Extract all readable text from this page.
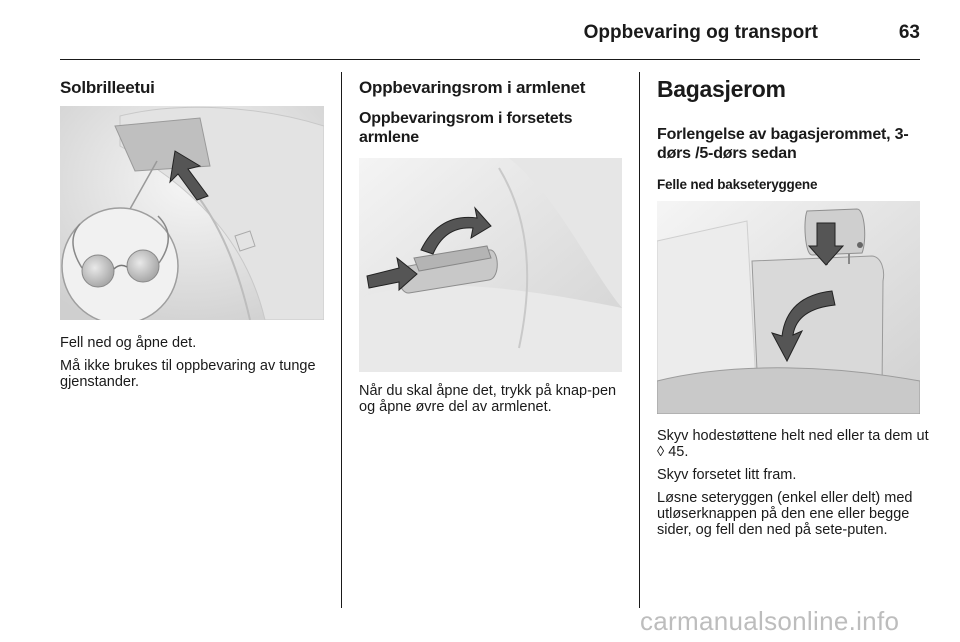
Oppbevaring og transport	63
Solbrilleetui

Fell ned og åpne det.

Må ikke brukes til oppbevaring av tunge gjenstander.

Oppbevaringsrom i armlenet
Oppbevaringsrom i forsetets armlene

Når du skal åpne det, trykk på knap-pen og åpne øvre del av armlenet.

Bagasjerom
Forlengelse av bagasjerommet, 3-dørs /5-dørs sedan
Felle ned bakseteryggene

Skyv hodestøttene helt ned eller ta dem ut ◊ 45.

Skyv forsetet litt fram.

Løsne seteryggen (enkel eller delt) med utløserknappen på den ene eller begge sider, og fell den ned på sete-puten.

carmanualsonline.info
